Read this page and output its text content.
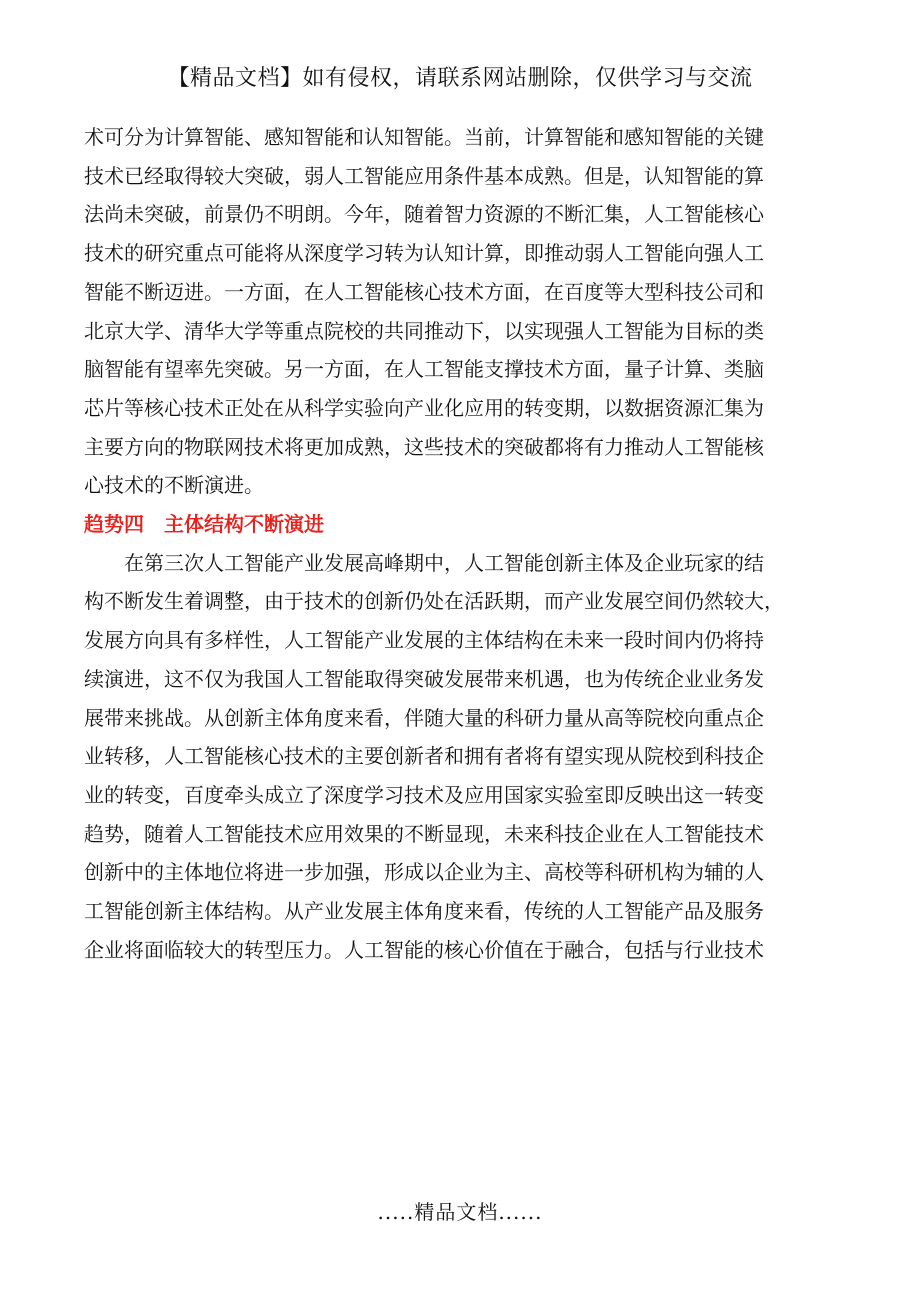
【精品文档】如有侵权，请联系网站删除，仅供学习与交流

术可分为计算智能、感知智能和认知智能。当前，计算智能和感知智能的关键
技术已经取得较大突破，弱人工智能应用条件基本成熟。但是，认知智能的算
法尚未突破，前景仍不明朗。今年，随着智力资源的不断汇集，人工智能核心
技术的研究重点可能将从深度学习转为认知计算，即推动弱人工智能向强人工
智能不断迈进。一方面，在人工智能核心技术方面，在百度等大型科技公司和
北京大学、清华大学等重点院校的共同推动下，以实现强人工智能为目标的类
脑智能有望率先突破。另一方面，在人工智能支撑技术方面，量子计算、类脑
芯片等核心技术正处在从科学实验向产业化应用的转变期，以数据资源汇集为
主要方向的物联网技术将更加成熟，这些技术的突破都将有力推动人工智能核
心技术的不断演进。

趋势四　主体结构不断演进

在第三次人工智能产业发展高峰期中，人工智能创新主体及企业玩家的结
构不断发生着调整，由于技术的创新仍处在活跃期，而产业发展空间仍然较大，
发展方向具有多样性，人工智能产业发展的主体结构在未来一段时间内仍将持
续演进，这不仅为我国人工智能取得突破发展带来机遇，也为传统企业业务发
展带来挑战。从创新主体角度来看，伴随大量的科研力量从高等院校向重点企
业转移，人工智能核心技术的主要创新者和拥有者将有望实现从院校到科技企
业的转变，百度牵头成立了深度学习技术及应用国家实验室即反映出这一转变
趋势，随着人工智能技术应用效果的不断显现，未来科技企业在人工智能技术
创新中的主体地位将进一步加强，形成以企业为主、高校等科研机构为辅的人
工智能创新主体结构。从产业发展主体角度来看，传统的人工智能产品及服务
企业将面临较大的转型压力。人工智能的核心价值在于融合，包括与行业技术

.....精品文档......
